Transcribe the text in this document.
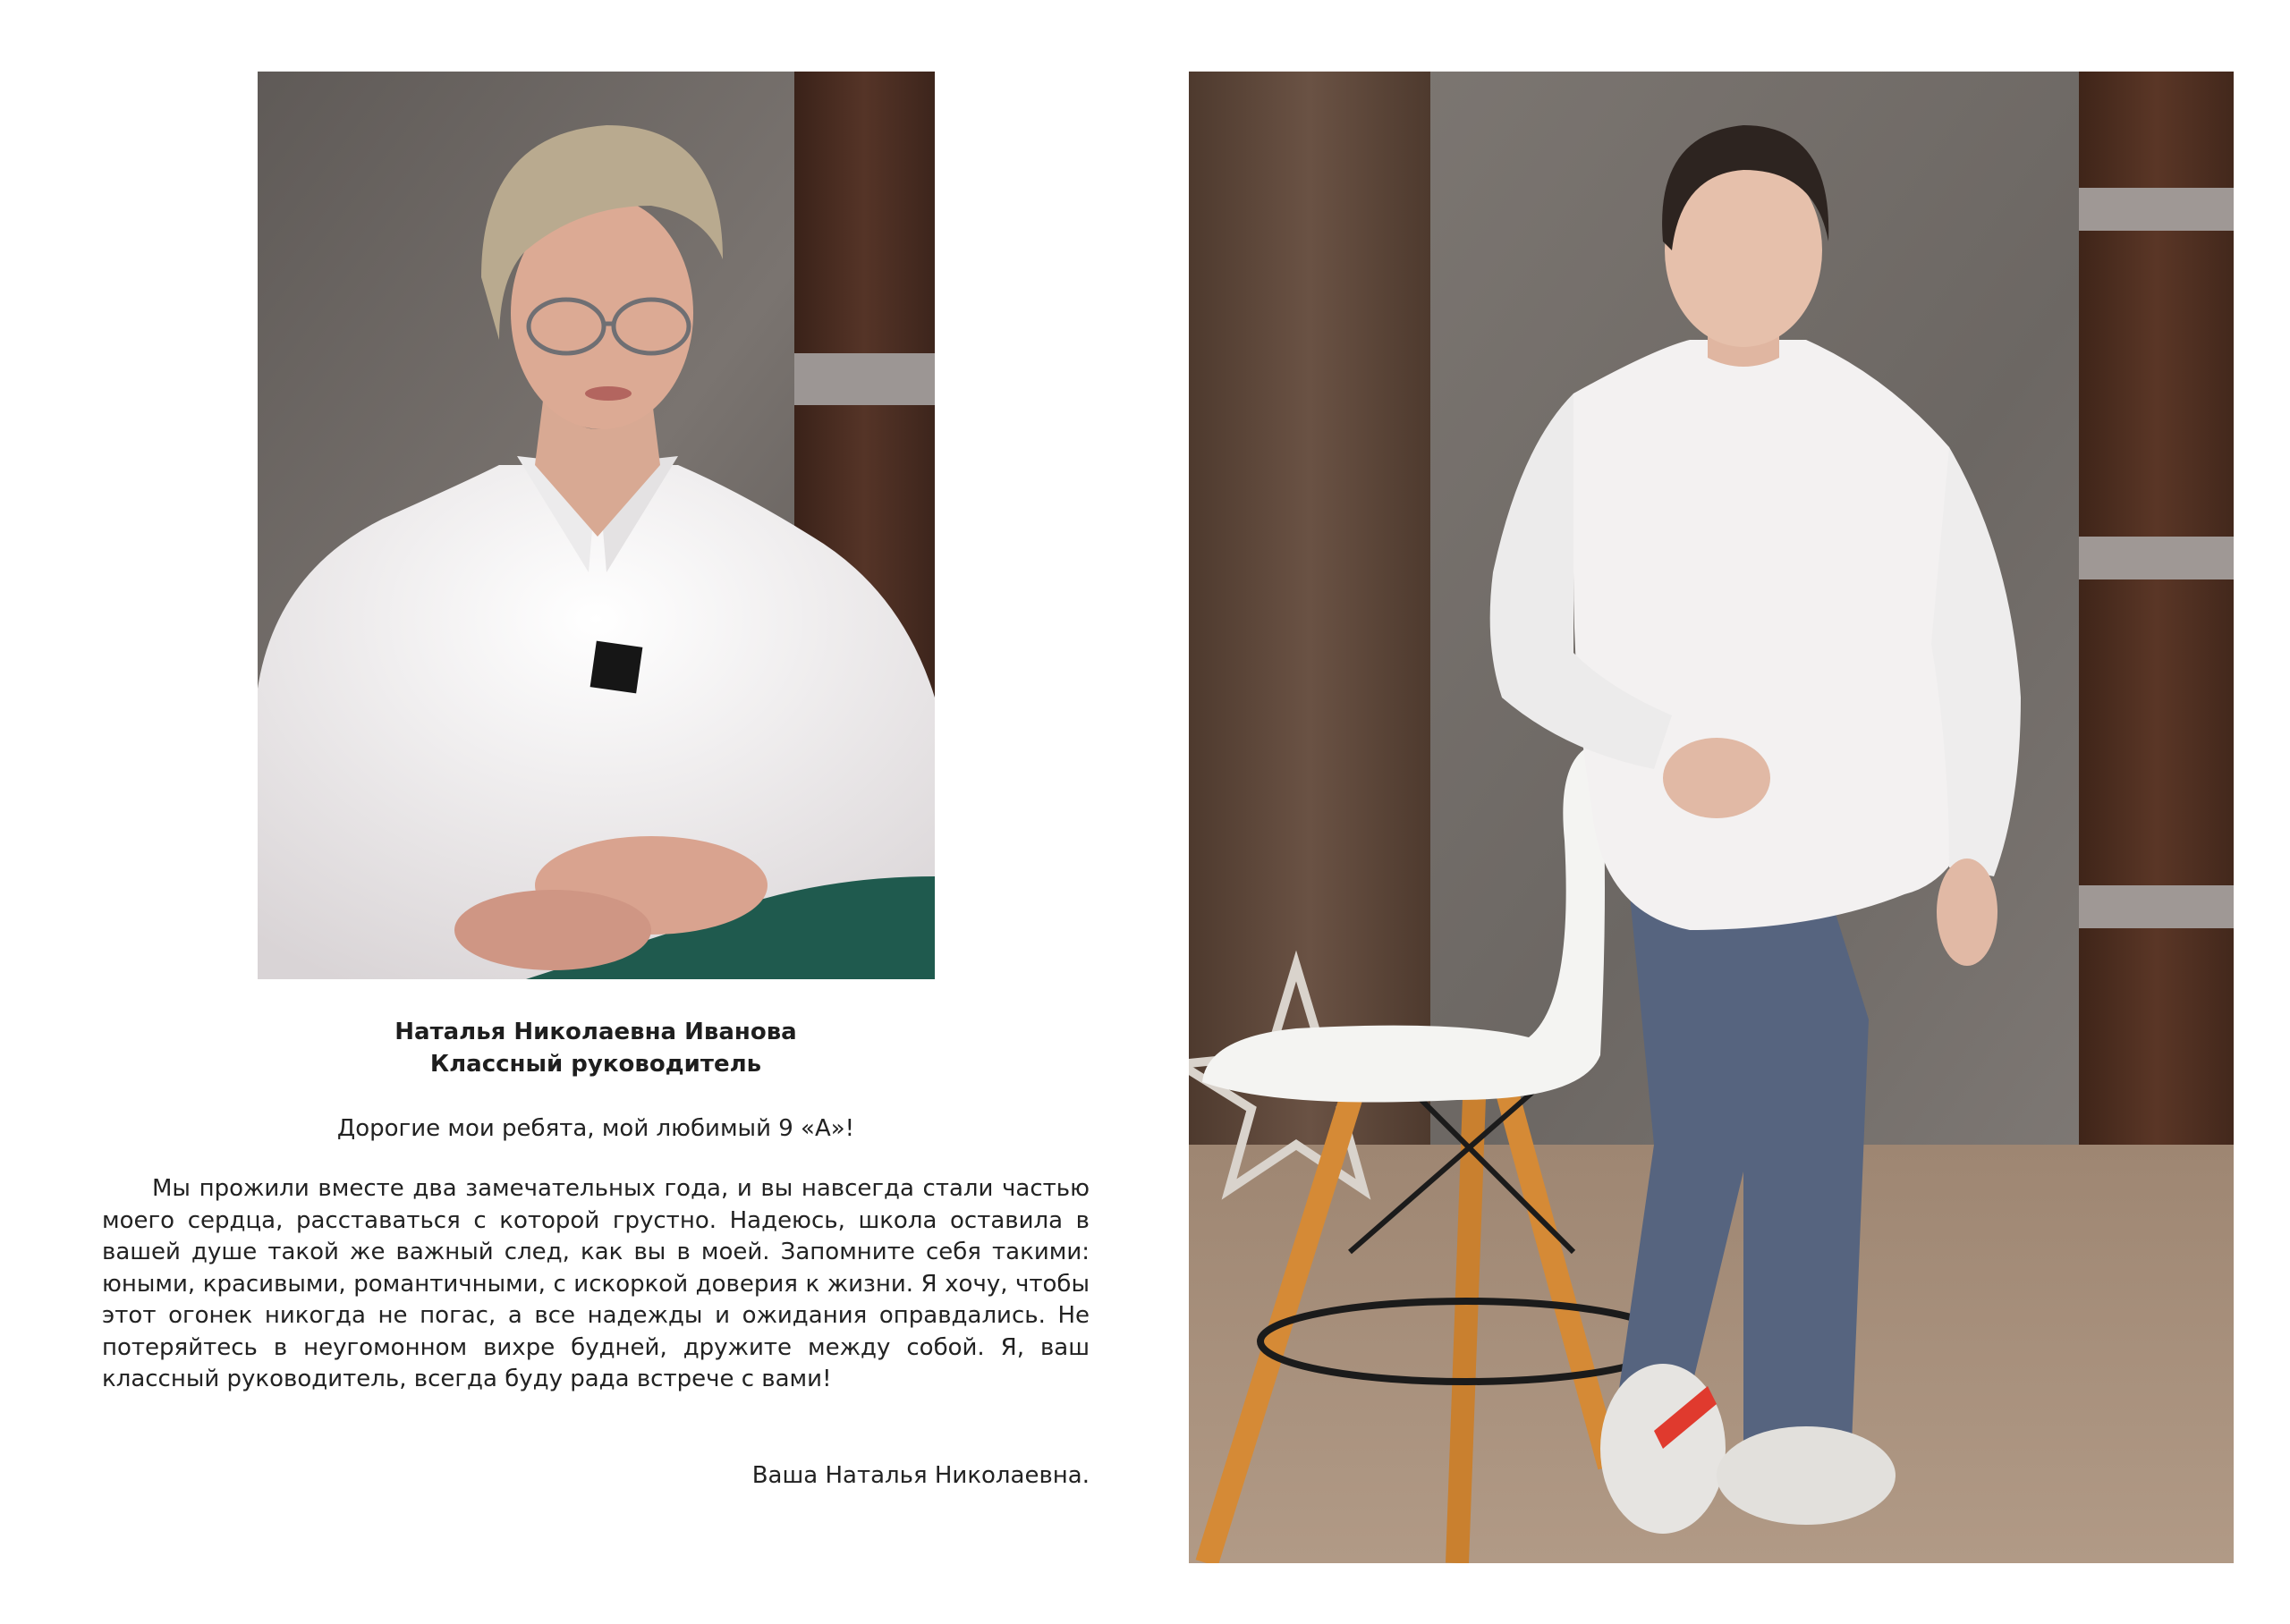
Наталья Николаевна Иванова
Классный руководитель
Дорогие мои ребята, мой любимый 9 «А»!
Мы прожили вместе два замечательных года, и вы навсегда стали частью моего сердца, расставаться с которой грустно. Надеюсь, школа оставила в вашей душе такой же важный след, как вы в моей. Запомните себя такими: юными, красивыми, романтичными, с искоркой доверия к жизни. Я хочу, чтобы этот огонек никогда не погас, а все надежды и ожидания оправдались. Не потеряйтесь в неугомонном вихре будней, дружите между собой. Я, ваш классный руководитель, всегда буду рада встрече с вами!
Ваша Наталья Николаевна.
